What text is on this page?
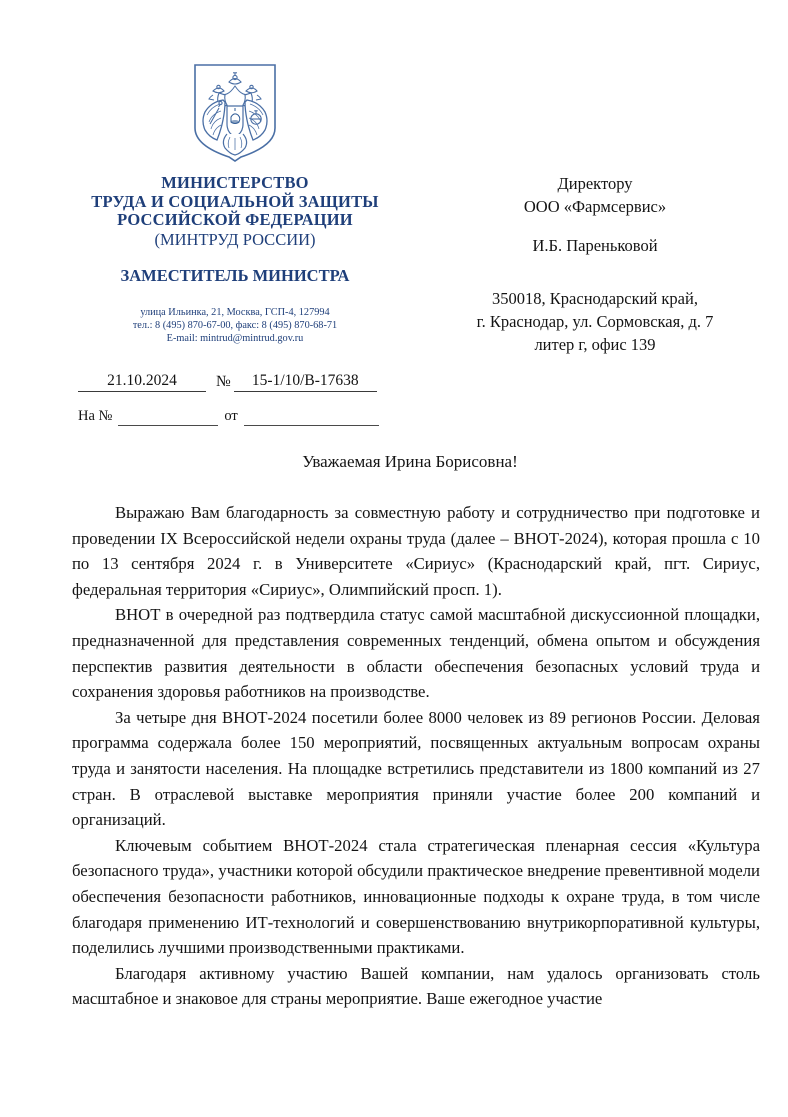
МИНИСТЕРСТВО
ТРУДА И СОЦИАЛЬНОЙ ЗАЩИТЫ
РОССИЙСКОЙ ФЕДЕРАЦИИ
(МИНТРУД РОССИИ)
ЗАМЕСТИТЕЛЬ МИНИСТРА
улица Ильинка, 21, Москва, ГСП-4, 127994
тел.: 8 (495) 870-67-00, факс: 8 (495) 870-68-71
E-mail: mintrud@mintrud.gov.ru
21.10.2024	№	15-1/10/В-17638
На №	от
Директору
ООО «Фармсервис»
И.Б. Пареньковой
350018, Краснодарский край,
г. Краснодар, ул. Сормовская, д. 7
литер г, офис 139
Уважаемая Ирина Борисовна!

Выражаю Вам благодарность за совместную работу и сотрудничество при подготовке и проведении IX Всероссийской недели охраны труда (далее – ВНОТ-2024), которая прошла с 10 по 13 сентября 2024 г. в Университете «Сириус» (Краснодарский край, пгт. Сириус, федеральная территория «Сириус», Олимпийский просп. 1).

ВНОТ в очередной раз подтвердила статус самой масштабной дискуссионной площадки, предназначенной для представления современных тенденций, обмена опытом и обсуждения перспектив развития деятельности в области обеспечения безопасных условий труда и сохранения здоровья работников на производстве.

За четыре дня ВНОТ-2024 посетили более 8000 человек из 89 регионов России. Деловая программа содержала более 150 мероприятий, посвященных актуальным вопросам охраны труда и занятости населения. На площадке встретились представители из 1800 компаний из 27 стран. В отраслевой выставке мероприятия приняли участие более 200 компаний и организаций.

Ключевым событием ВНОТ-2024 стала стратегическая пленарная сессия «Культура безопасного труда», участники которой обсудили практическое внедрение превентивной модели обеспечения безопасности работников, инновационные подходы к охране труда, в том числе благодаря применению ИТ-технологий и совершенствованию внутрикорпоративной культуры, поделились лучшими производственными практиками.

Благодаря активному участию Вашей компании, нам удалось организовать столь масштабное и знаковое для страны мероприятие. Ваше ежегодное участие
